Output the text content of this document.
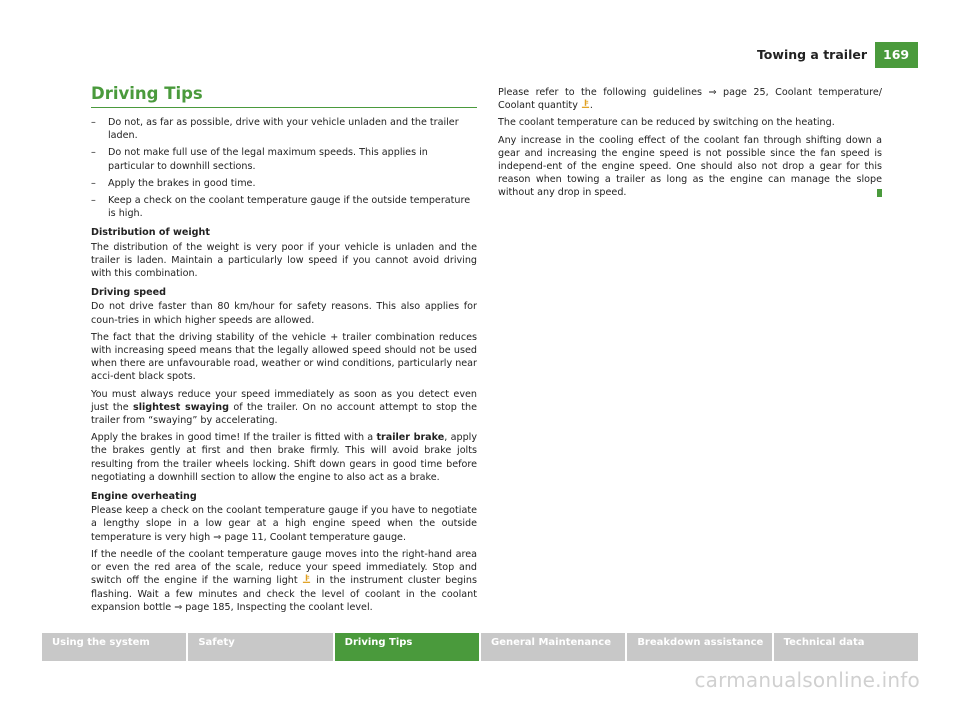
Towing a trailer	169
Driving Tips
– Do not, as far as possible, drive with your vehicle unladen and the trailer laden.
– Do not make full use of the legal maximum speeds. This applies in particular to downhill sections.
– Apply the brakes in good time.
– Keep a check on the coolant temperature gauge if the outside temperature is high.
Distribution of weight

The distribution of the weight is very poor if your vehicle is unladen and the trailer is laden. Maintain a particularly low speed if you cannot avoid driving with this combination.

Driving speed

Do not drive faster than 80 km/hour for safety reasons. This also applies for coun-tries in which higher speeds are allowed.

The fact that the driving stability of the vehicle + trailer combination reduces with increasing speed means that the legally allowed speed should not be used when there are unfavourable road, weather or wind conditions, particularly near acci-dent black spots.

You must always reduce your speed immediately as soon as you detect even just the slightest swaying of the trailer. On no account attempt to stop the trailer from “swaying” by accelerating.

Apply the brakes in good time! If the trailer is fitted with a trailer brake, apply the brakes gently at first and then brake firmly. This will avoid brake jolts resulting from the trailer wheels locking. Shift down gears in good time before negotiating a downhill section to allow the engine to also act as a brake.

Engine overheating

Please keep a check on the coolant temperature gauge if you have to negotiate a lengthy slope in a low gear at a high engine speed when the outside temperature is very high ⇒ page 11, Coolant temperature gauge.

If the needle of the coolant temperature gauge moves into the right-hand area or even the red area of the scale, reduce your speed immediately. Stop and switch off the engine if the warning light  in the instrument cluster begins flashing. Wait a few minutes and check the level of coolant in the coolant expansion bottle ⇒ page 185, Inspecting the coolant level.

Please refer to the following guidelines ⇒ page 25, Coolant temperature/ Coolant quantity .

The coolant temperature can be reduced by switching on the heating.

Any increase in the cooling effect of the coolant fan through shifting down a gear and increasing the engine speed is not possible since the fan speed is independ-ent of the engine speed. One should also not drop a gear for this reason when towing a trailer as long as the engine can manage the slope without any drop in speed.

Using the system	Safety	Driving Tips	General Maintenance	Breakdown assistance	Technical data
carmanualsonline.info
